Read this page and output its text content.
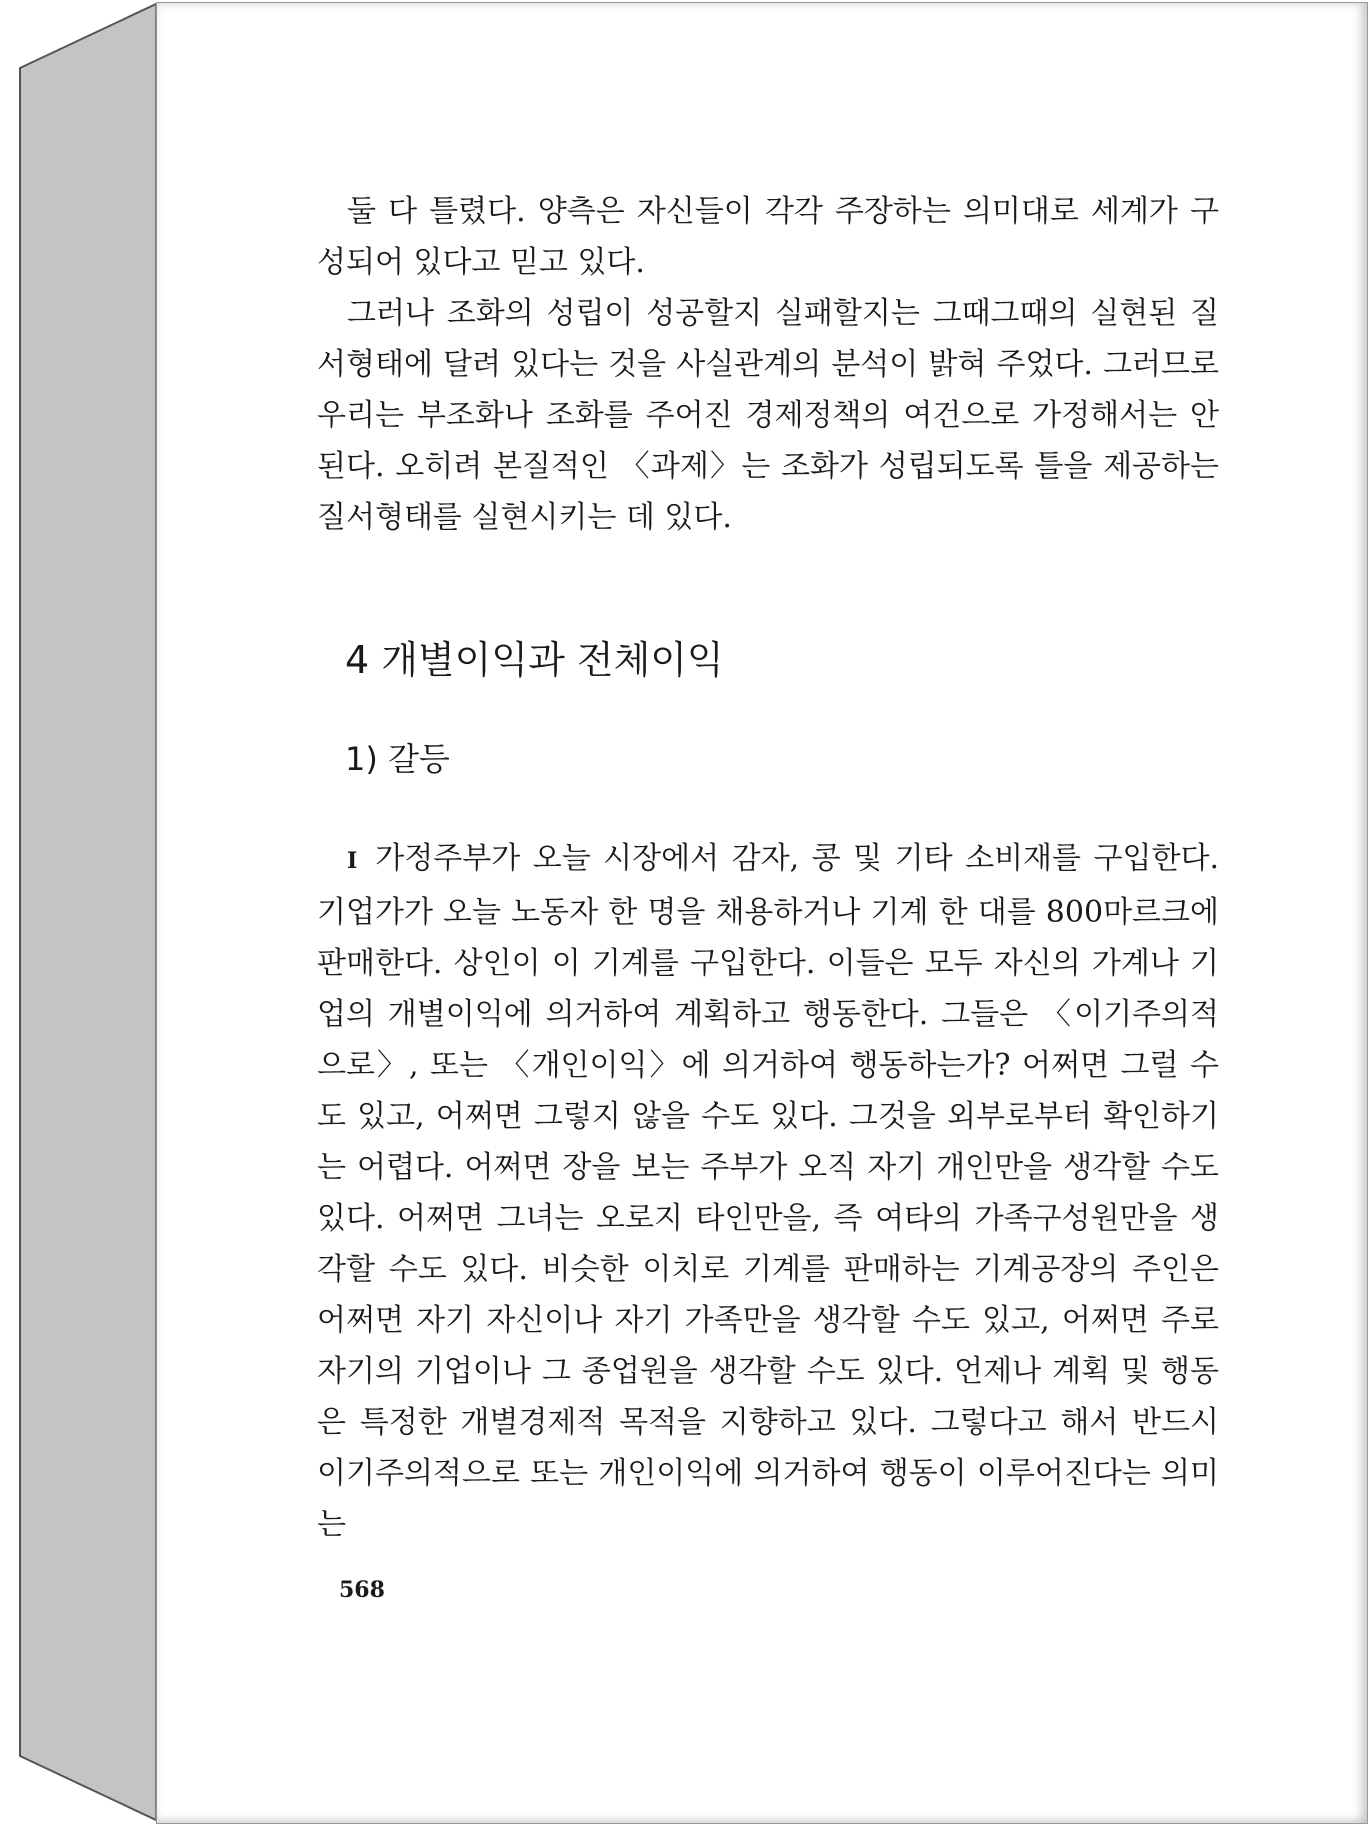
둘 다 틀렸다. 양측은 자신들이 각각 주장하는 의미대로 세계가 구성되어 있다고 믿고 있다.

그러나 조화의 성립이 성공할지 실패할지는 그때그때의 실현된 질서형태에 달려 있다는 것을 사실관계의 분석이 밝혀 주었다. 그러므로 우리는 부조화나 조화를 주어진 경제정책의 여건으로 가정해서는 안 된다. 오히려 본질적인 〈과제〉는 조화가 성립되도록 틀을 제공하는 질서형태를 실현시키는 데 있다.

4 개별이익과 전체이익
1) 갈등

I 가정주부가 오늘 시장에서 감자, 콩 및 기타 소비재를 구입한다. 기업가가 오늘 노동자 한 명을 채용하거나 기계 한 대를 800마르크에 판매한다. 상인이 이 기계를 구입한다. 이들은 모두 자신의 가계나 기업의 개별이익에 의거하여 계획하고 행동한다. 그들은 〈이기주의적으로〉, 또는 〈개인이익〉에 의거하여 행동하는가? 어쩌면 그럴 수도 있고, 어쩌면 그렇지 않을 수도 있다. 그것을 외부로부터 확인하기는 어렵다. 어쩌면 장을 보는 주부가 오직 자기 개인만을 생각할 수도 있다. 어쩌면 그녀는 오로지 타인만을, 즉 여타의 가족구성원만을 생각할 수도 있다. 비슷한 이치로 기계를 판매하는 기계공장의 주인은 어쩌면 자기 자신이나 자기 가족만을 생각할 수도 있고, 어쩌면 주로 자기의 기업이나 그 종업원을 생각할 수도 있다. 언제나 계획 및 행동은 특정한 개별경제적 목적을 지향하고 있다. 그렇다고 해서 반드시 이기주의적으로 또는 개인이익에 의거하여 행동이 이루어진다는 의미는

568
